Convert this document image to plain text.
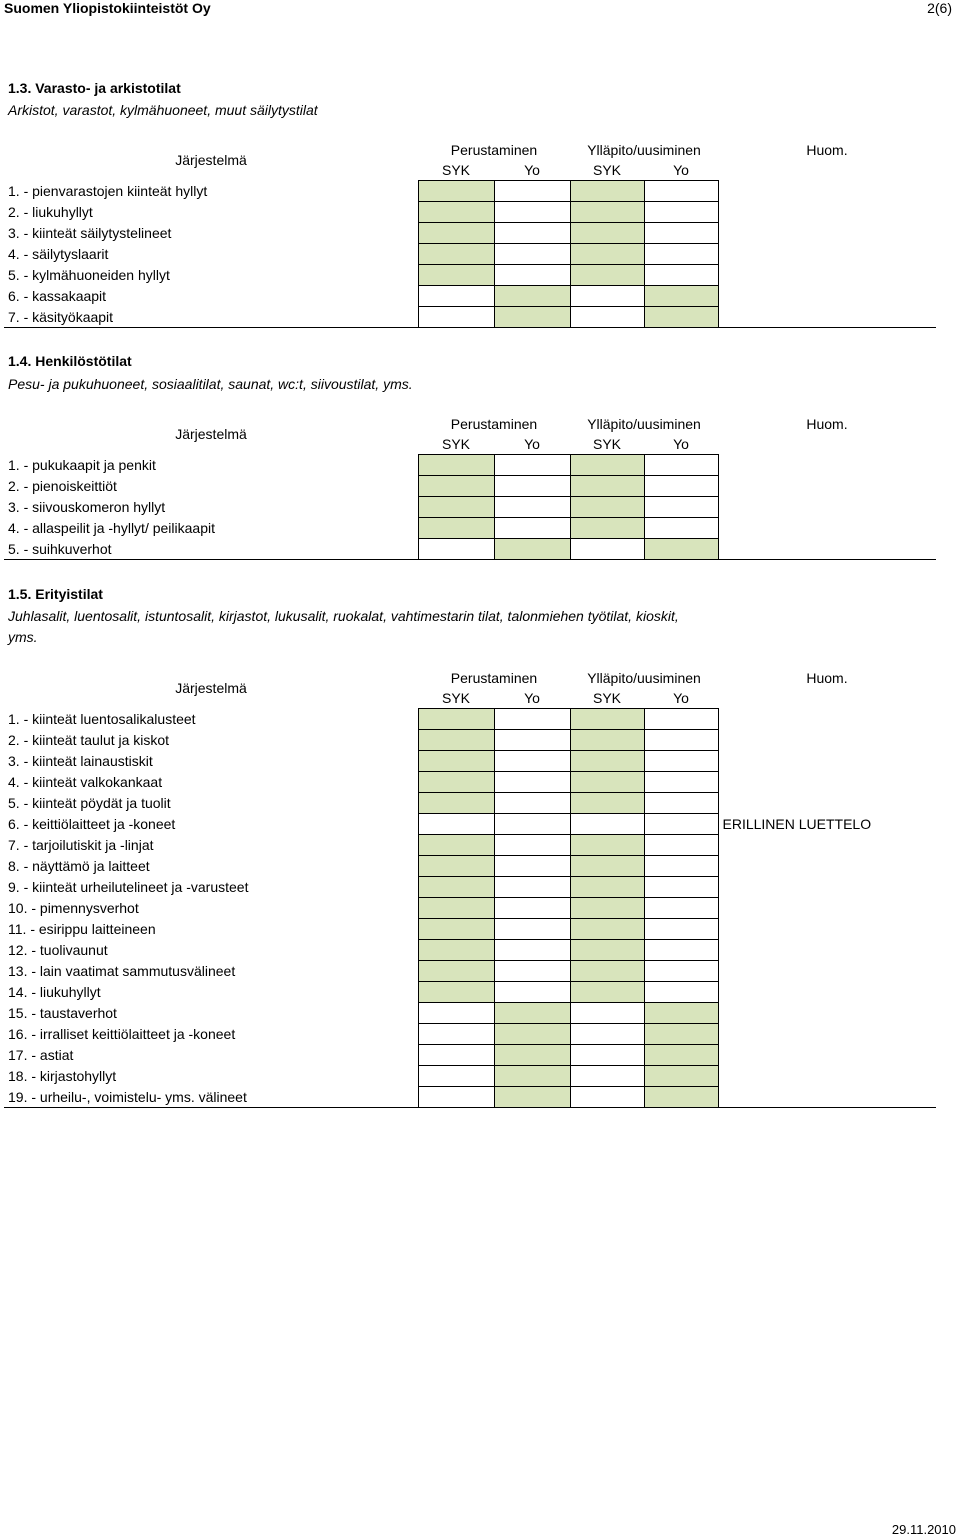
Suomen Yliopistokiinteistöt Oy	2(6)
1.3. Varasto- ja arkistotilat
Arkistot, varastot, kylmähuoneet, muut säilytystilat
Järjestelmä	Perustaminen		Ylläpito/uusiminen		Huom.
	SYK	Yo	SYK	Yo	
1. - pienvarastojen kiinteät hyllyt					
2. - liukuhyllyt					
3. - kiinteät säilytystelineet					
4. - säilytyslaarit					
5. - kylmähuoneiden hyllyt					
6. - kassakaapit					
7. - käsityökaapit					
1.4. Henkilöstötilat
Pesu- ja pukuhuoneet, sosiaalitilat, saunat, wc:t, siivoustilat, yms.
Järjestelmä	Perustaminen		Ylläpito/uusiminen		Huom.
	SYK	Yo	SYK	Yo	
1. - pukukaapit ja penkit					
2. - pienoiskeittiöt					
3. - siivouskomeron hyllyt					
4. - allaspeilit ja -hyllyt/ peilikaapit					
5. - suihkuverhot					
1.5. Erityistilat
Juhlasalit, luentosalit, istuntosalit, kirjastot, lukusalit, ruokalat, vahtimestarin tilat, talonmiehen työtilat, kioskit, yms.
Järjestelmä	Perustaminen		Ylläpito/uusiminen		Huom.
	SYK	Yo	SYK	Yo	
1. - kiinteät luentosalikalusteet					
2. - kiinteät taulut ja kiskot					
3. - kiinteät lainaustiskit					
4. - kiinteät valkokankaat					
5. - kiinteät pöydät ja tuolit					
6. - keittiölaitteet ja -koneet					ERILLINEN LUETTELO
7. - tarjoilutiskit ja -linjat					
8. - näyttämö ja laitteet					
9. - kiinteät urheilutelineet ja -varusteet					
10. - pimennysverhot					
11. - esirippu laitteineen					
12. - tuolivaunut					
13. - lain vaatimat sammutusvälineet					
14. - liukuhyllyt					
15. - taustaverhot					
16. - irralliset keittiölaitteet ja -koneet					
17. - astiat					
18. - kirjastohyllyt					
19. - urheilu-, voimistelu- yms. välineet					
29.11.2010
